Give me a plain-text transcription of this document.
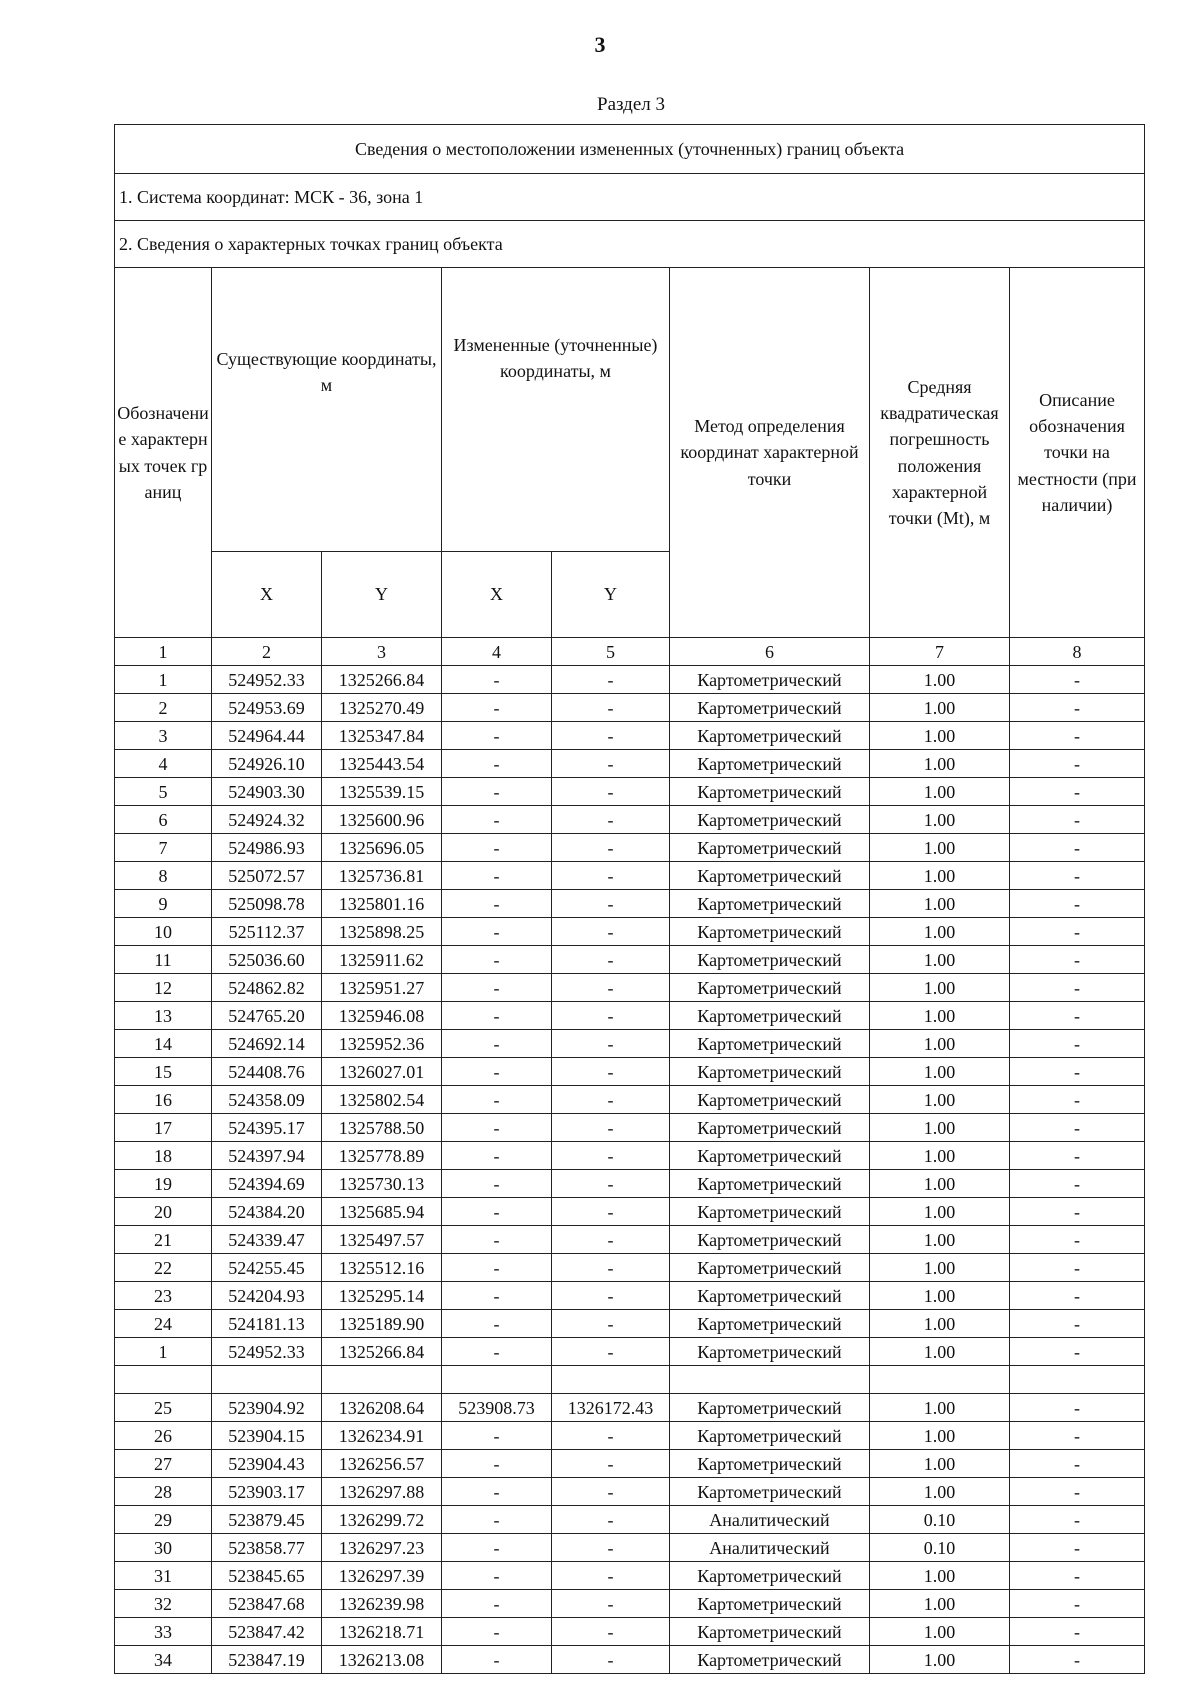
3
Раздел 3
Сведения о местоположении измененных (уточненных) границ объекта							
1. Система координат: МСК - 36, зона 1							
2. Сведения о характерных точках границ объекта							
Обозначение характерных точек границ	Существующие координаты, м		Измененные (уточненные) координаты, м		Метод определения координат характерной точки	Средняя квадратическая погрешность положения характерной точки (Mt), м	Описание обозначения точки на местности (при наличии)
	X	Y	X	Y			
1	2	3	4	5	6	7	8
1	524952.33	1325266.84	-	-	Картометрический	1.00	-
2	524953.69	1325270.49	-	-	Картометрический	1.00	-
3	524964.44	1325347.84	-	-	Картометрический	1.00	-
4	524926.10	1325443.54	-	-	Картометрический	1.00	-
5	524903.30	1325539.15	-	-	Картометрический	1.00	-
6	524924.32	1325600.96	-	-	Картометрический	1.00	-
7	524986.93	1325696.05	-	-	Картометрический	1.00	-
8	525072.57	1325736.81	-	-	Картометрический	1.00	-
9	525098.78	1325801.16	-	-	Картометрический	1.00	-
10	525112.37	1325898.25	-	-	Картометрический	1.00	-
11	525036.60	1325911.62	-	-	Картометрический	1.00	-
12	524862.82	1325951.27	-	-	Картометрический	1.00	-
13	524765.20	1325946.08	-	-	Картометрический	1.00	-
14	524692.14	1325952.36	-	-	Картометрический	1.00	-
15	524408.76	1326027.01	-	-	Картометрический	1.00	-
16	524358.09	1325802.54	-	-	Картометрический	1.00	-
17	524395.17	1325788.50	-	-	Картометрический	1.00	-
18	524397.94	1325778.89	-	-	Картометрический	1.00	-
19	524394.69	1325730.13	-	-	Картометрический	1.00	-
20	524384.20	1325685.94	-	-	Картометрический	1.00	-
21	524339.47	1325497.57	-	-	Картометрический	1.00	-
22	524255.45	1325512.16	-	-	Картометрический	1.00	-
23	524204.93	1325295.14	-	-	Картометрический	1.00	-
24	524181.13	1325189.90	-	-	Картометрический	1.00	-
1	524952.33	1325266.84	-	-	Картометрический	1.00	-

25	523904.92	1326208.64	523908.73	1326172.43	Картометрический	1.00	-
26	523904.15	1326234.91	-	-	Картометрический	1.00	-
27	523904.43	1326256.57	-	-	Картометрический	1.00	-
28	523903.17	1326297.88	-	-	Картометрический	1.00	-
29	523879.45	1326299.72	-	-	Аналитический	0.10	-
30	523858.77	1326297.23	-	-	Аналитический	0.10	-
31	523845.65	1326297.39	-	-	Картометрический	1.00	-
32	523847.68	1326239.98	-	-	Картометрический	1.00	-
33	523847.42	1326218.71	-	-	Картометрический	1.00	-
34	523847.19	1326213.08	-	-	Картометрический	1.00	-
